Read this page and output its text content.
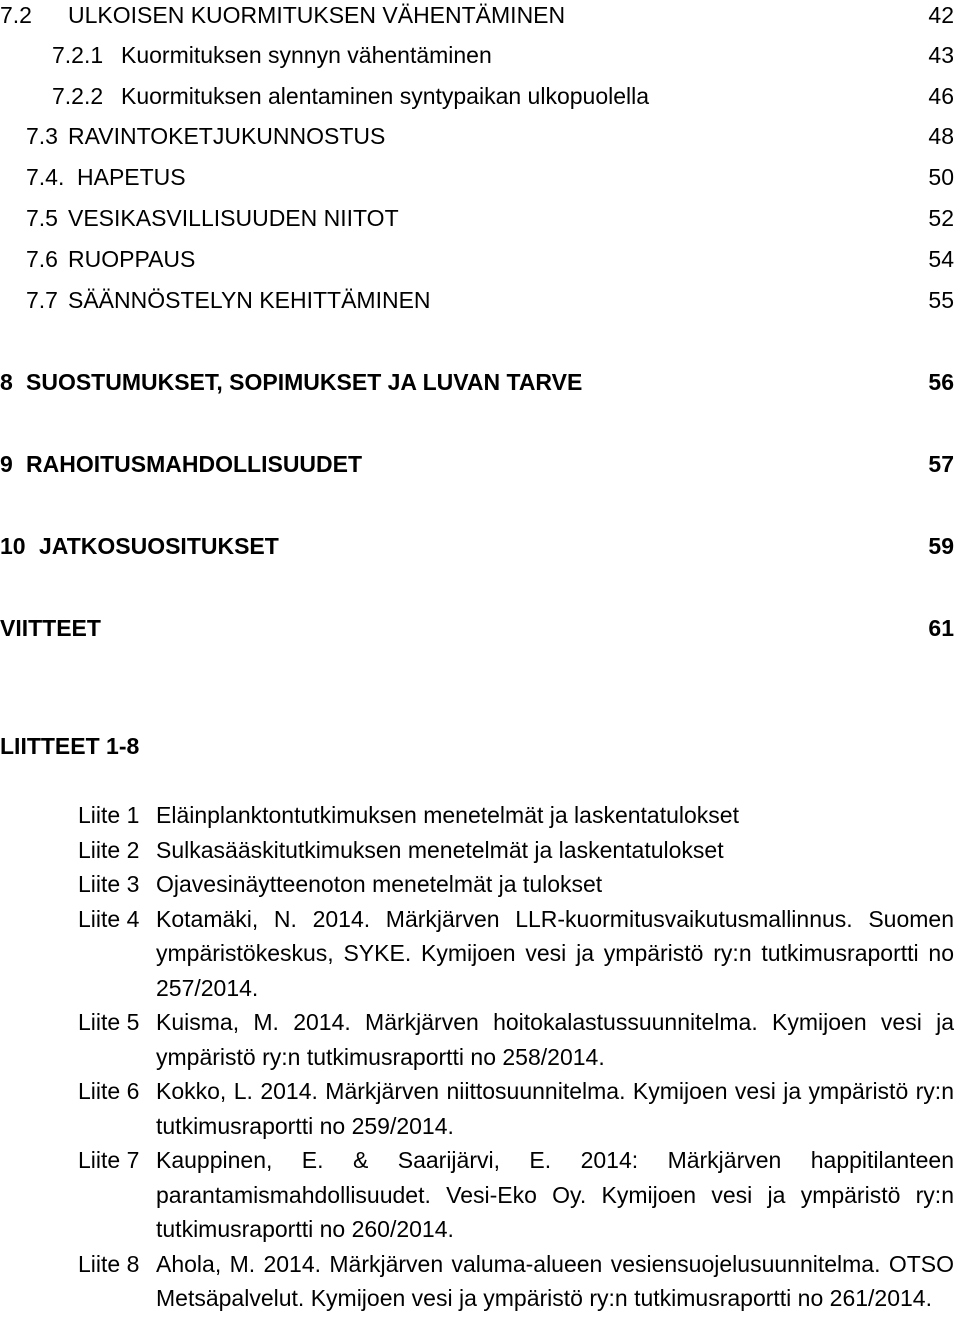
7.2 ULKOISEN KUORMITUKSEN VÄHENTÄMINEN	42
7.2.1 Kuormituksen synnyn vähentäminen	43
7.2.2 Kuormituksen alentaminen syntypaikan ulkopuolella	46
7.3 RAVINTOKETJUKUNNOSTUS	48
7.4. HAPETUS	50
7.5 VESIKASVILLISUUDEN NIITOT	52
7.6 RUOPPAUS	54
7.7 SÄÄNNÖSTELYN KEHITTÄMINEN	55
8 SUOSTUMUKSET, SOPIMUKSET JA LUVAN TARVE	56
9 RAHOITUSMAHDOLLISUUDET	57
10 JATKOSUOSITUKSET	59
VIITTEET	61
LIITTEET 1-8
Liite 1 Eläinplanktontutkimuksen menetelmät ja laskentatulokset
Liite 2 Sulkasääskitutkimuksen menetelmät ja laskentatulokset
Liite 3 Ojavesinäytteenoton menetelmät ja tulokset
Liite 4 Kotamäki, N. 2014. Märkjärven LLR-kuormitusvaikutusmallinnus. Suomen ympäristökeskus, SYKE. Kymijoen vesi ja ympäristö ry:n tutkimusraportti no 257/2014.
Liite 5 Kuisma, M. 2014. Märkjärven hoitokalastussuunnitelma. Kymijoen vesi ja ympäristö ry:n tutkimusraportti no 258/2014.
Liite 6 Kokko, L. 2014. Märkjärven niittosuunnitelma. Kymijoen vesi ja ympäristö ry:n tutkimusraportti no 259/2014.
Liite 7 Kauppinen, E. & Saarijärvi, E. 2014: Märkjärven happitilanteen parantamismahdollisuudet. Vesi-Eko Oy. Kymijoen vesi ja ympäristö ry:n tutkimusraportti no 260/2014.
Liite 8 Ahola, M. 2014. Märkjärven valuma-alueen vesiensuojelusuunnitelma. OTSO Metsäpalvelut. Kymijoen vesi ja ympäristö ry:n tutkimusraportti no 261/2014.
